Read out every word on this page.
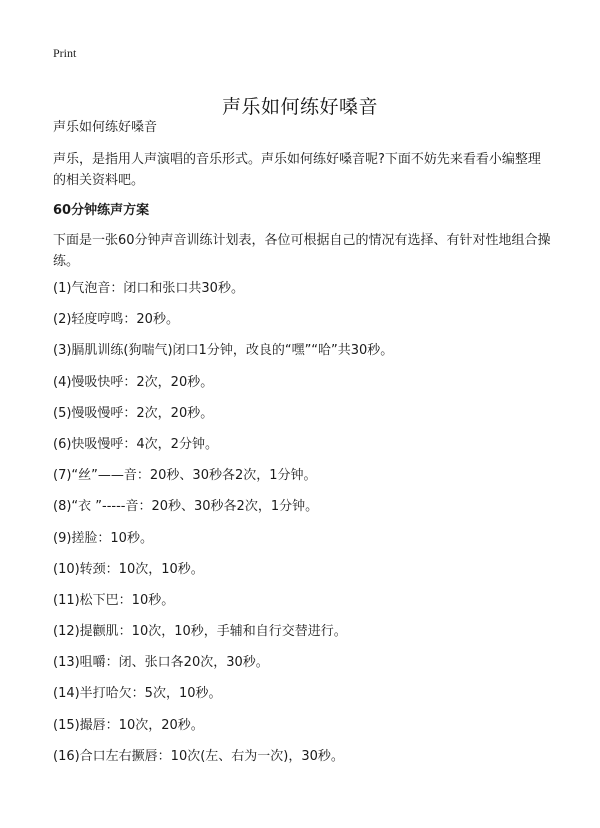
Print
声乐如何练好嗓音

声乐如何练好嗓音

声乐，是指用人声演唱的音乐形式。声乐如何练好嗓音呢?下面不妨先来看看小编整理的相关资料吧。

60分钟练声方案

下面是一张60分钟声音训练计划表，各位可根据自己的情况有选择、有针对性地组合操练。

(1)气泡音：闭口和张口共30秒。
(2)轻度哼鸣：20秒。
(3)膈肌训练(狗喘气)闭口1分钟，改良的“嘿”“哈”共30秒。
(4)慢吸快呼：2次，20秒。
(5)慢吸慢呼：2次，20秒。
(6)快吸慢呼：4次，2分钟。
(7)“丝”——音：20秒、30秒各2次，1分钟。
(8)“衣 ”-----音：20秒、30秒各2次，1分钟。
(9)搓脸：10秒。
(10)转颈：10次，10秒。
(11)松下巴：10秒。
(12)提颧肌：10次，10秒，手辅和自行交替进行。
(13)咀嚼：闭、张口各20次，30秒。
(14)半打哈欠：5次，10秒。
(15)撮唇：10次，20秒。
(16)合口左右撅唇：10次(左、右为一次)，30秒。
